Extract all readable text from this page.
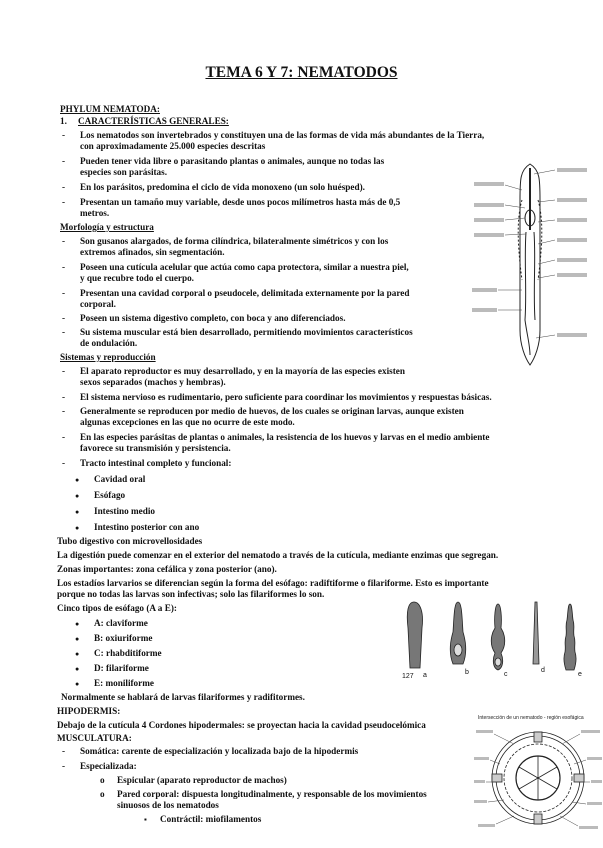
TEMA 6 Y 7: NEMATODOS
PHYLUM NEMATODA:
1. CARACTERÍSTICAS GENERALES:
- Los nematodos son invertebrados y constituyen una de las formas de vida más abundantes de la Tierra,
con aproximadamente 25.000 especies descritas
- Pueden tener vida libre o parasitando plantas o animales, aunque no todas las
especies son parásitas.
- En los parásitos, predomina el ciclo de vida monoxeno (un solo huésped).
- Presentan un tamaño muy variable, desde unos pocos milímetros hasta más de 0,5
metros.
Morfología y estructura
- Son gusanos alargados, de forma cilíndrica, bilateralmente simétricos y con los
extremos afinados, sin segmentación.
- Poseen una cutícula acelular que actúa como capa protectora, similar a nuestra piel,
y que recubre todo el cuerpo.
- Presentan una cavidad corporal o pseudocele, delimitada externamente por la pared
corporal.
- Poseen un sistema digestivo completo, con boca y ano diferenciados.
- Su sistema muscular está bien desarrollado, permitiendo movimientos característicos
de ondulación.
Sistemas y reproducción
- El aparato reproductor es muy desarrollado, y en la mayoría de las especies existen
sexos separados (machos y hembras).
- El sistema nervioso es rudimentario, pero suficiente para coordinar los movimientos y respuestas básicas.
- Generalmente se reproducen por medio de huevos, de los cuales se originan larvas, aunque existen
algunas excepciones en las que no ocurre de este modo.
- En las especies parásitas de plantas o animales, la resistencia de los huevos y larvas en el medio ambiente
favorece su transmisión y persistencia.
- Tracto intestinal completo y funcional:
● Cavidad oral
● Esófago
● Intestino medio
● Intestino posterior con ano
Tubo digestivo con microvellosidades
La digestión puede comenzar en el exterior del nematodo a través de la cutícula, mediante enzimas que segregan.
Zonas importantes: zona cefálica y zona posterior (ano).
Los estadíos larvarios se diferencian según la forma del esófago: radiftiforme o filariforme. Esto es importante
porque no todas las larvas son infectivas; solo las filariformes lo son.
Cinco tipos de esófago (A a E):
● A: claviforme
● B: oxiuriforme
● C: rhabditiforme
● D: filariforme
● E: moniliforme
Normalmente se hablará de larvas filariformes y radifitormes.
HIPODERMIS:
Debajo de la cutícula 4 Cordones hipodermales: se proyectan hacia la cavidad pseudocelómica
MUSCULATURA:
- Somática: carente de especialización y localizada bajo de la hipodermis
- Especializada:
o Espicular (aparato reproductor de machos)
o Pared corporal: dispuesta longitudinalmente, y responsable de los movimientos
sinuosos de los nematodos
▪ Contráctil: miofilamentos
127 a	b	c
d
e
Intersección de un nematodo - región esofágica
